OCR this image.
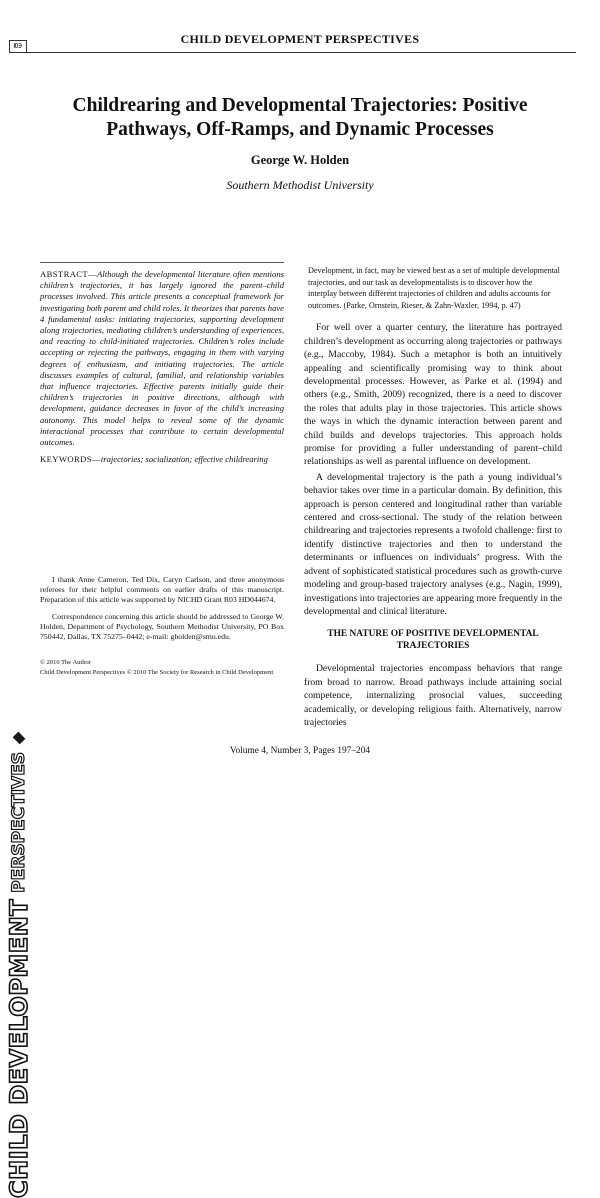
ЮЭ	CHILD DEVELOPMENT PERSPECTIVES
Childrearing and Developmental Trajectories: Positive Pathways, Off-Ramps, and Dynamic Processes
George W. Holden
Southern Methodist University
CHILD DEVELOPMENT
PERSPECTIVES
ABSTRACT—Although the developmental literature often mentions children’s trajectories, it has largely ignored the parent–child processes involved. This article presents a conceptual framework for investigating both parent and child roles. It theorizes that parents have 4 fundamental tasks: initiating trajectories, supporting development along trajectories, mediating children’s understanding of experiences, and reacting to child-initiated trajectories. Children’s roles include accepting or rejecting the pathways, engaging in them with varying degrees of enthusiasm, and initiating trajectories. The article discusses examples of cultural, familial, and relationship variables that influence trajectories. Effective parents initially guide their children’s trajectories in positive directions, although with development, guidance decreases in favor of the child’s increasing autonomy. This model helps to reveal some of the dynamic interactional processes that contribute to certain developmental outcomes.
KEYWORDS—trajectories; socialization; effective childrearing

I thank Anne Cameron, Ted Dix, Caryn Carlson, and three anonymous referees for their helpful comments on earlier drafts of this manuscript. Preparation of this article was supported by NICHD Grant R03 HD044674.

Correspondence concerning this article should be addressed to George W. Holden, Department of Psychology, Southern Methodist University, PO Box 750442, Dallas, TX 75275–0442; e-mail: gholden@smu.edu.

© 2010 The Author
Child Development Perspectives © 2010 The Society for Research in Child Development

Development, in fact, may be viewed best as a set of multiple developmental trajectories, and our task as developmentalists is to discover how the interplay between different trajectories of children and adults accounts for outcomes. (Parke, Ornstein, Rieser, & Zahn-Waxler, 1994, p. 47)

For well over a quarter century, the literature has portrayed children’s development as occurring along trajectories or pathways (e.g., Maccoby, 1984). Such a metaphor is both an intuitively appealing and scientifically promising way to think about developmental processes. However, as Parke et al. (1994) and others (e.g., Smith, 2009) recognized, there is a need to discover the roles that adults play in those trajectories. This article shows the ways in which the dynamic interaction between parent and child builds and develops trajectories. This approach holds promise for providing a fuller understanding of parent–child relationships as well as parental influence on development.

A developmental trajectory is the path a young individual’s behavior takes over time in a particular domain. By definition, this approach is person centered and longitudinal rather than variable centered and cross-sectional. The study of the relation between childrearing and trajectories represents a twofold challenge: first to identify distinctive trajectories and then to understand the determinants or influences on individuals’ progress. With the advent of sophisticated statistical procedures such as growth-curve modeling and group-based trajectory analyses (e.g., Nagin, 1999), investigations into trajectories are appearing more frequently in the developmental and clinical literature.

THE NATURE OF POSITIVE DEVELOPMENTAL TRAJECTORIES

Developmental trajectories encompass behaviors that range from broad to narrow. Broad pathways include attaining social competence, internalizing prosocial values, succeeding academically, or developing religious faith. Alternatively, narrow trajectories

Volume 4, Number 3, Pages 197–204
